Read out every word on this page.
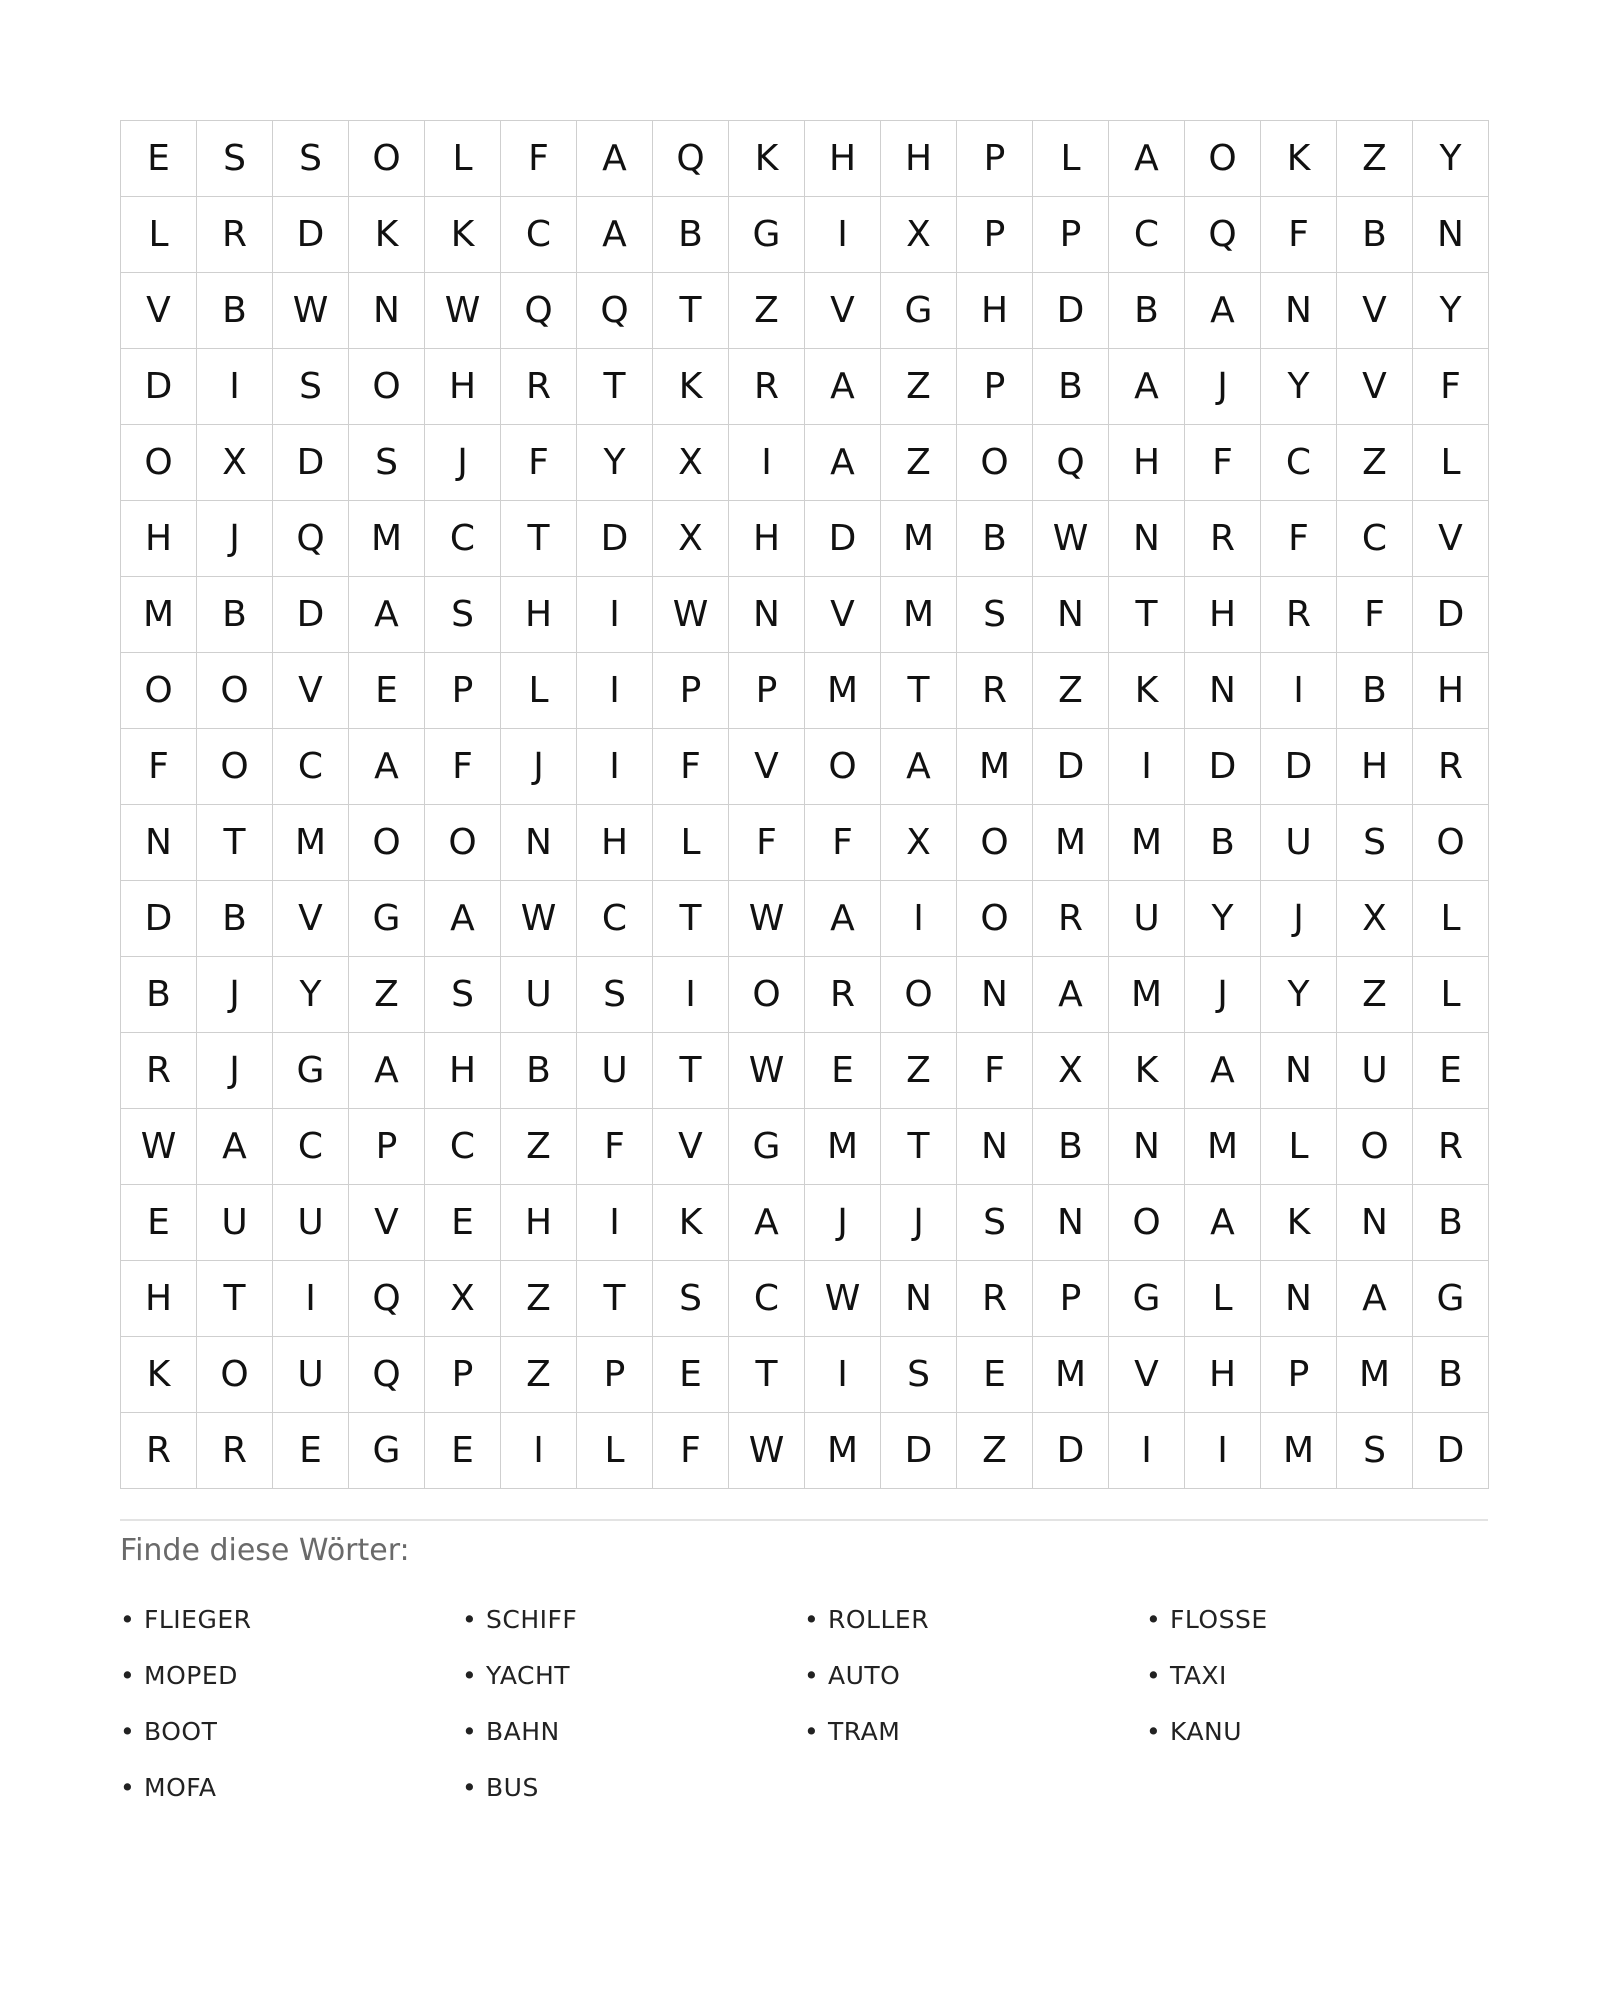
E	S	S	O	L	F	A	Q	K	H	H	P	L	A	O	K	Z	Y
L	R	D	K	K	C	A	B	G	I	X	P	P	C	Q	F	B	N
V	B	W	N	W	Q	Q	T	Z	V	G	H	D	B	A	N	V	Y
D	I	S	O	H	R	T	K	R	A	Z	P	B	A	J	Y	V	F
O	X	D	S	J	F	Y	X	I	A	Z	O	Q	H	F	C	Z	L
H	J	Q	M	C	T	D	X	H	D	M	B	W	N	R	F	C	V
M	B	D	A	S	H	I	W	N	V	M	S	N	T	H	R	F	D
O	O	V	E	P	L	I	P	P	M	T	R	Z	K	N	I	B	H
F	O	C	A	F	J	I	F	V	O	A	M	D	I	D	D	H	R
N	T	M	O	O	N	H	L	F	F	X	O	M	M	B	U	S	O
D	B	V	G	A	W	C	T	W	A	I	O	R	U	Y	J	X	L
B	J	Y	Z	S	U	S	I	O	R	O	N	A	M	J	Y	Z	L
R	J	G	A	H	B	U	T	W	E	Z	F	X	K	A	N	U	E
W	A	C	P	C	Z	F	V	G	M	T	N	B	N	M	L	O	R
E	U	U	V	E	H	I	K	A	J	J	S	N	O	A	K	N	B
H	T	I	Q	X	Z	T	S	C	W	N	R	P	G	L	N	A	G
K	O	U	Q	P	Z	P	E	T	I	S	E	M	V	H	P	M	B
R	R	E	G	E	I	L	F	W	M	D	Z	D	I	I	M	S	D
Finde diese Wörter:
• FLIEGER	• SCHIFF	• ROLLER	• FLOSSE
• MOPED	• YACHT	• AUTO	• TAXI
• BOOT	• BAHN	• TRAM	• KANU
• MOFA	• BUS
